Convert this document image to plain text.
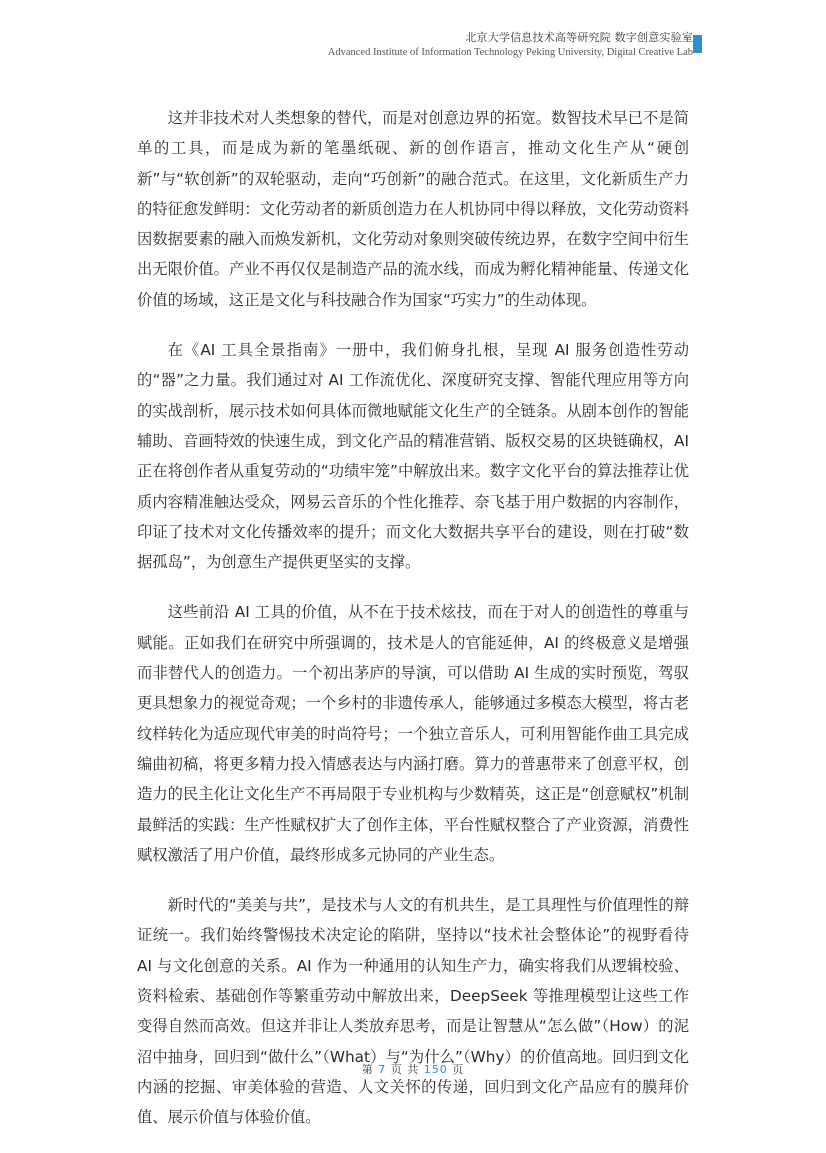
北京大学信息技术高等研究院 数字创意实验室
Advanced Institute of Information Technology Peking University, Digital Creative Lab

这并非技术对人类想象的替代，而是对创意边界的拓宽。数智技术早已不是简单的工具，而是成为新的笔墨纸砚、新的创作语言，推动文化生产从“硬创新”与“软创新”的双轮驱动，走向“巧创新”的融合范式。在这里，文化新质生产力的特征愈发鲜明：文化劳动者的新质创造力在人机协同中得以释放，文化劳动资料因数据要素的融入而焕发新机，文化劳动对象则突破传统边界，在数字空间中衍生出无限价值。产业不再仅仅是制造产品的流水线，而成为孵化精神能量、传递文化价值的场域，这正是文化与科技融合作为国家“巧实力”的生动体现。

在《AI 工具全景指南》一册中，我们俯身扎根，呈现 AI 服务创造性劳动的“器”之力量。我们通过对 AI 工作流优化、深度研究支撑、智能代理应用等方向的实战剖析，展示技术如何具体而微地赋能文化生产的全链条。从剧本创作的智能辅助、音画特效的快速生成，到文化产品的精准营销、版权交易的区块链确权，AI 正在将创作者从重复劳动的“功绩牢笼”中解放出来。数字文化平台的算法推荐让优质内容精准触达受众，网易云音乐的个性化推荐、奈飞基于用户数据的内容制作，印证了技术对文化传播效率的提升；而文化大数据共享平台的建设，则在打破“数据孤岛”，为创意生产提供更坚实的支撑。

这些前沿 AI 工具的价值，从不在于技术炫技，而在于对人的创造性的尊重与赋能。正如我们在研究中所强调的，技术是人的官能延伸，AI 的终极意义是增强而非替代人的创造力。一个初出茅庐的导演，可以借助 AI 生成的实时预览，驾驭更具想象力的视觉奇观；一个乡村的非遗传承人，能够通过多模态大模型，将古老纹样转化为适应现代审美的时尚符号；一个独立音乐人，可利用智能作曲工具完成编曲初稿，将更多精力投入情感表达与内涵打磨。算力的普惠带来了创意平权，创造力的民主化让文化生产不再局限于专业机构与少数精英，这正是“创意赋权”机制最鲜活的实践：生产性赋权扩大了创作主体，平台性赋权整合了产业资源，消费性赋权激活了用户价值，最终形成多元协同的产业生态。

新时代的“美美与共”，是技术与人文的有机共生，是工具理性与价值理性的辩证统一。我们始终警惕技术决定论的陷阱，坚持以“技术社会整体论”的视野看待 AI 与文化创意的关系。AI 作为一种通用的认知生产力，确实将我们从逻辑校验、资料检索、基础创作等繁重劳动中解放出来，DeepSeek 等推理模型让这些工作变得自然而高效。但这并非让人类放弃思考，而是让智慧从“怎么做”（How）的泥沼中抽身，回归到“做什么”（What）与“为什么”（Why）的价值高地。回归到文化内涵的挖掘、审美体验的营造、人文关怀的传递，回归到文化产品应有的膜拜价值、展示价值与体验价值。

第 7 页 共 150 页
